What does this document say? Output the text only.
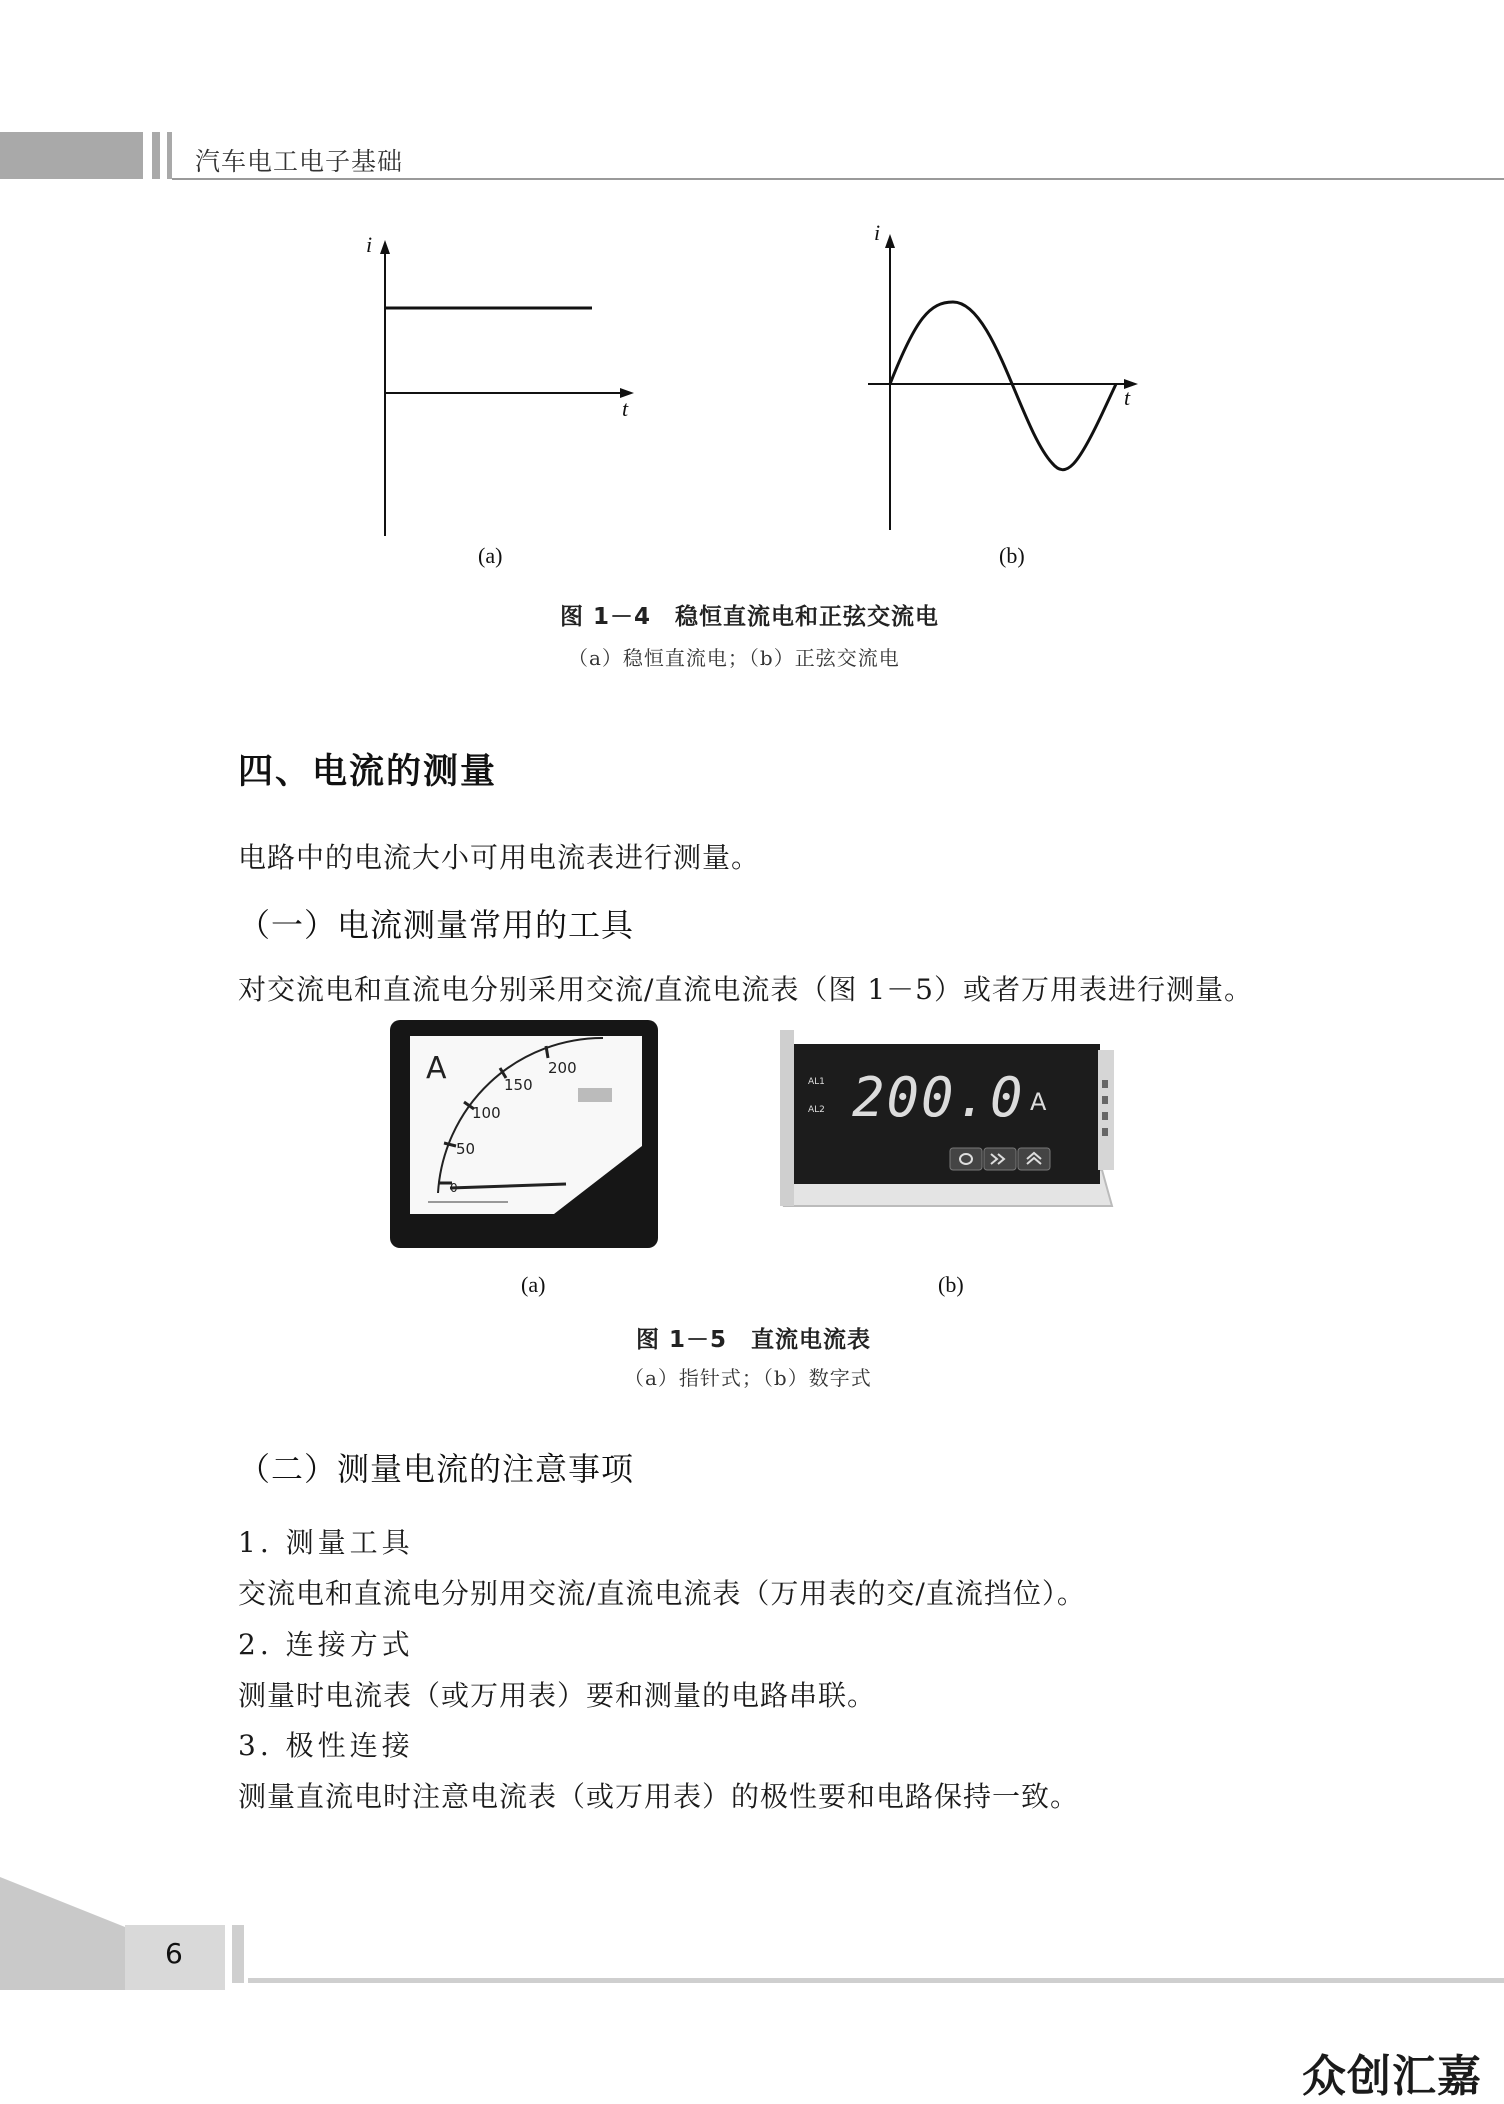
汽车电工电子基础
i
t
i
t
(a)	(b)
图 1－4　稳恒直流电和正弦交流电
（a）稳恒直流电；（b）正弦交流电
四、电流的测量
电路中的电流大小可用电流表进行测量。
（一）电流测量常用的工具
对交流电和直流电分别采用交流/直流电流表（图 1－5）或者万用表进行测量。
A
0
50
100
150
200
AL1
AL2 200.0 A
(a)	(b)
图 1－5　直流电流表
（a）指针式；（b）数字式
（二）测量电流的注意事项
1. 测量工具
交流电和直流电分别用交流/直流电流表（万用表的交/直流挡位）。
2. 连接方式
测量时电流表（或万用表）要和测量的电路串联。
3. 极性连接
测量直流电时注意电流表（或万用表）的极性要和电路保持一致。
6
众创汇嘉
